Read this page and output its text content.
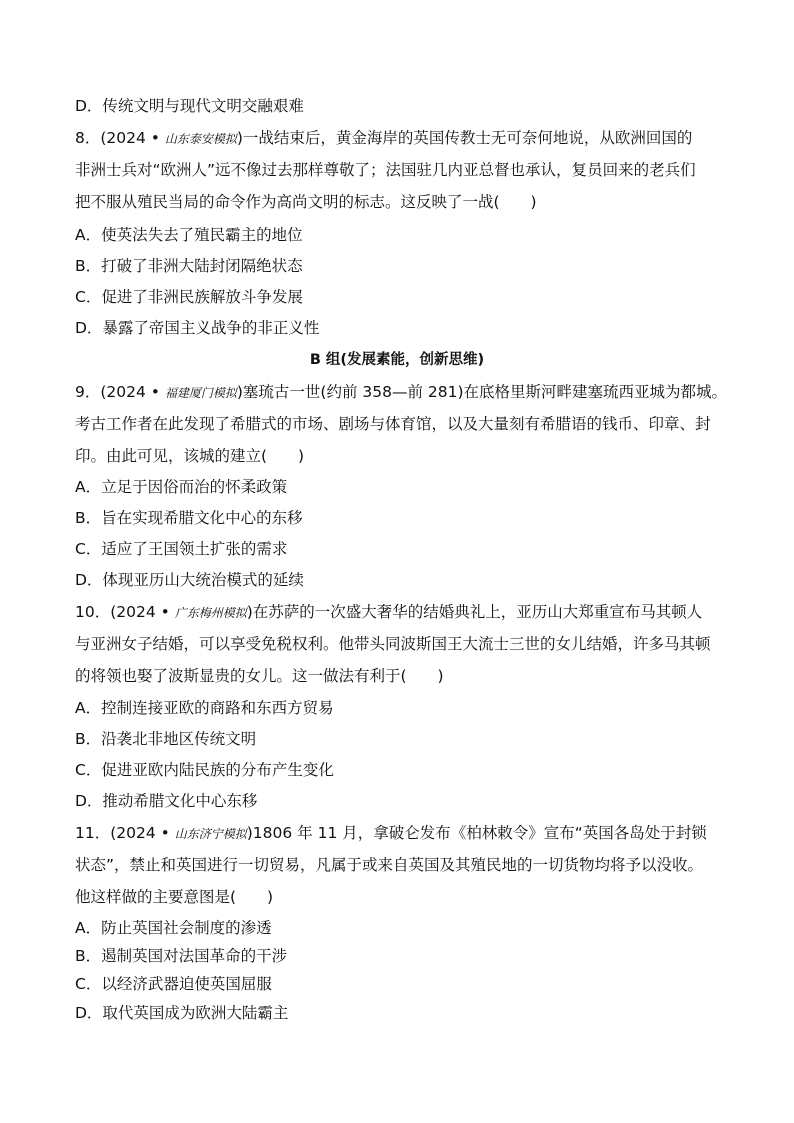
D．传统文明与现代文明交融艰难
8．(2024 • 山东泰安模拟)一战结束后，黄金海岸的英国传教士无可奈何地说，从欧洲回国的
非洲士兵对“欧洲人”远不像过去那样尊敬了；法国驻几内亚总督也承认，复员回来的老兵们
把不服从殖民当局的命令作为高尚文明的标志。这反映了一战(　　)
A．使英法失去了殖民霸主的地位
B．打破了非洲大陆封闭隔绝状态
C．促进了非洲民族解放斗争发展
D．暴露了帝国主义战争的非正义性
B 组(发展素能，创新思维)
9．(2024 • 福建厦门模拟)塞琉古一世(约前 358—前 281)在底格里斯河畔建塞琉西亚城为都城。
考古工作者在此发现了希腊式的市场、剧场与体育馆，以及大量刻有希腊语的钱币、印章、封
印。由此可见，该城的建立(　　)
A．立足于因俗而治的怀柔政策
B．旨在实现希腊文化中心的东移
C．适应了王国领土扩张的需求
D．体现亚历山大统治模式的延续
10．(2024 • 广东梅州模拟)在苏萨的一次盛大奢华的结婚典礼上，亚历山大郑重宣布马其顿人
与亚洲女子结婚，可以享受免税权利。他带头同波斯国王大流士三世的女儿结婚，许多马其顿
的将领也娶了波斯显贵的女儿。这一做法有利于(　　)
A．控制连接亚欧的商路和东西方贸易
B．沿袭北非地区传统文明
C．促进亚欧内陆民族的分布产生变化
D．推动希腊文化中心东移
11．(2024 • 山东济宁模拟)1806 年 11 月，拿破仑发布《柏林敕令》宣布“英国各岛处于封锁
状态”，禁止和英国进行一切贸易，凡属于或来自英国及其殖民地的一切货物均将予以没收。
他这样做的主要意图是(　　)
A．防止英国社会制度的渗透
B．遏制英国对法国革命的干涉
C．以经济武器迫使英国屈服
D．取代英国成为欧洲大陆霸主
